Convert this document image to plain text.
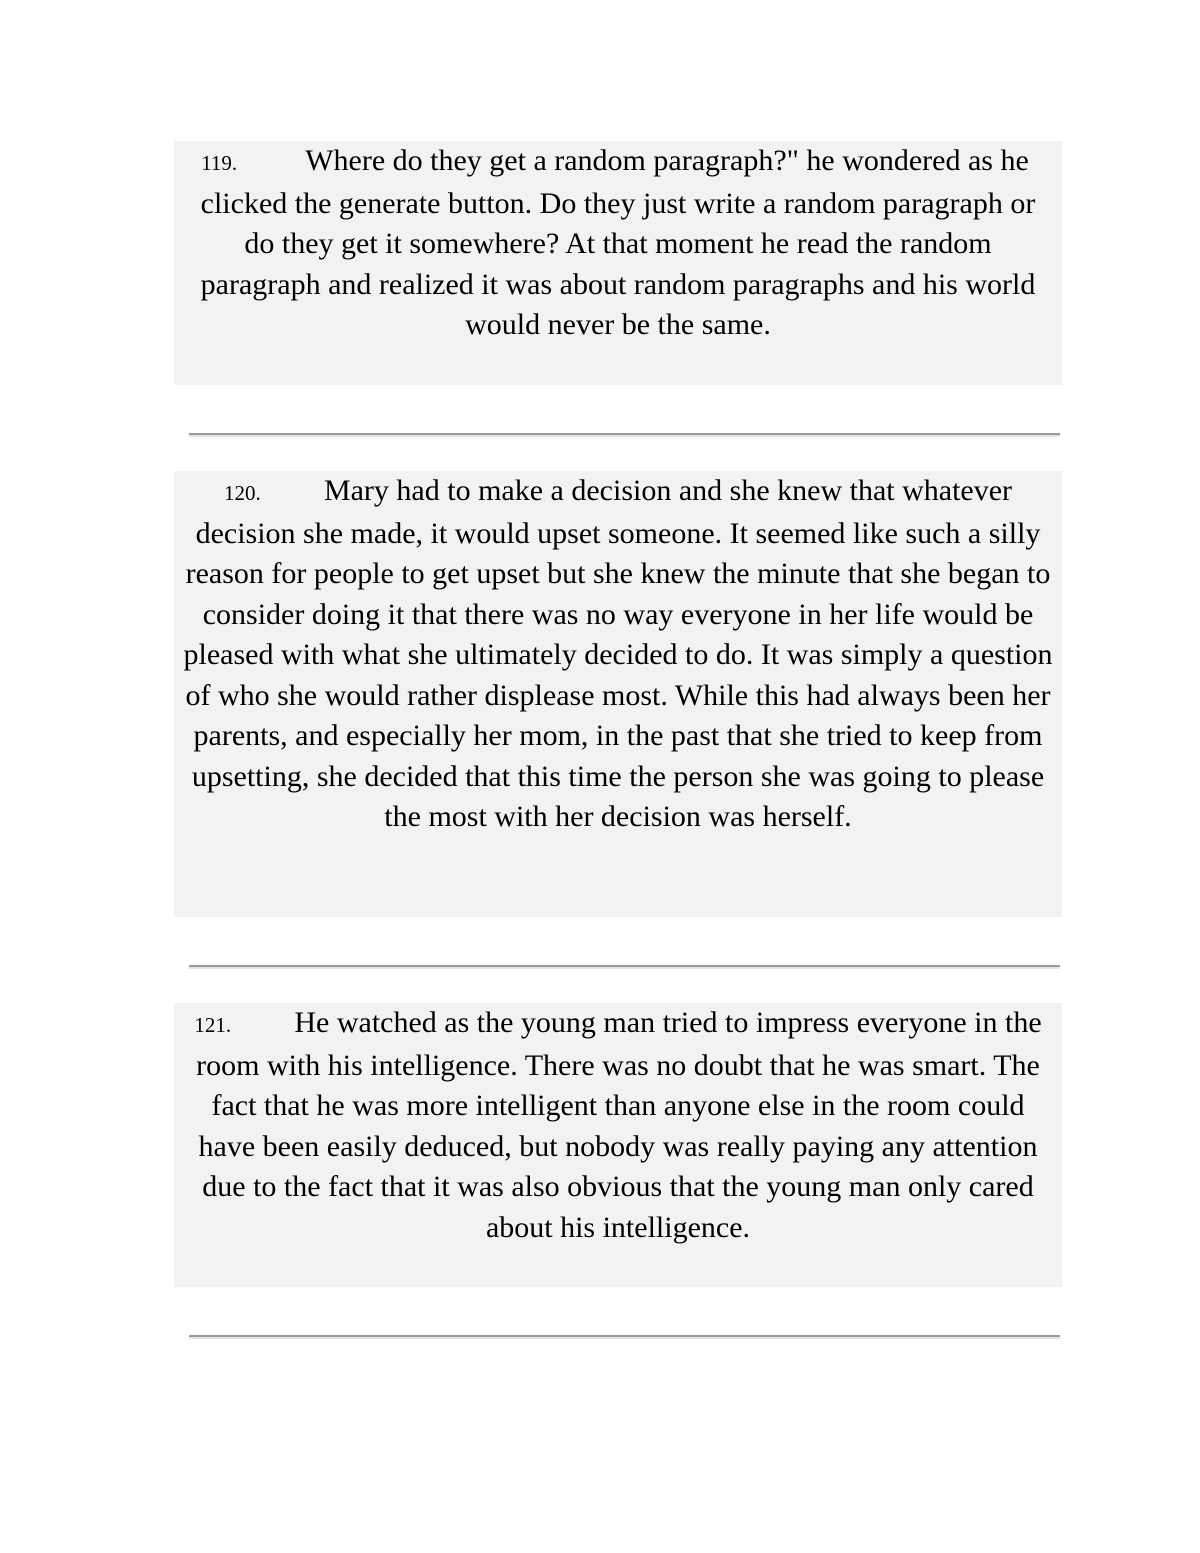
119. Where do they get a random paragraph?" he wondered as he clicked the generate button. Do they just write a random paragraph or do they get it somewhere? At that moment he read the random paragraph and realized it was about random paragraphs and his world would never be the same.
120. Mary had to make a decision and she knew that whatever decision she made, it would upset someone. It seemed like such a silly reason for people to get upset but she knew the minute that she began to consider doing it that there was no way everyone in her life would be pleased with what she ultimately decided to do. It was simply a question of who she would rather displease most. While this had always been her parents, and especially her mom, in the past that she tried to keep from upsetting, she decided that this time the person she was going to please the most with her decision was herself.
121. He watched as the young man tried to impress everyone in the room with his intelligence. There was no doubt that he was smart. The fact that he was more intelligent than anyone else in the room could have been easily deduced, but nobody was really paying any attention due to the fact that it was also obvious that the young man only cared about his intelligence.
